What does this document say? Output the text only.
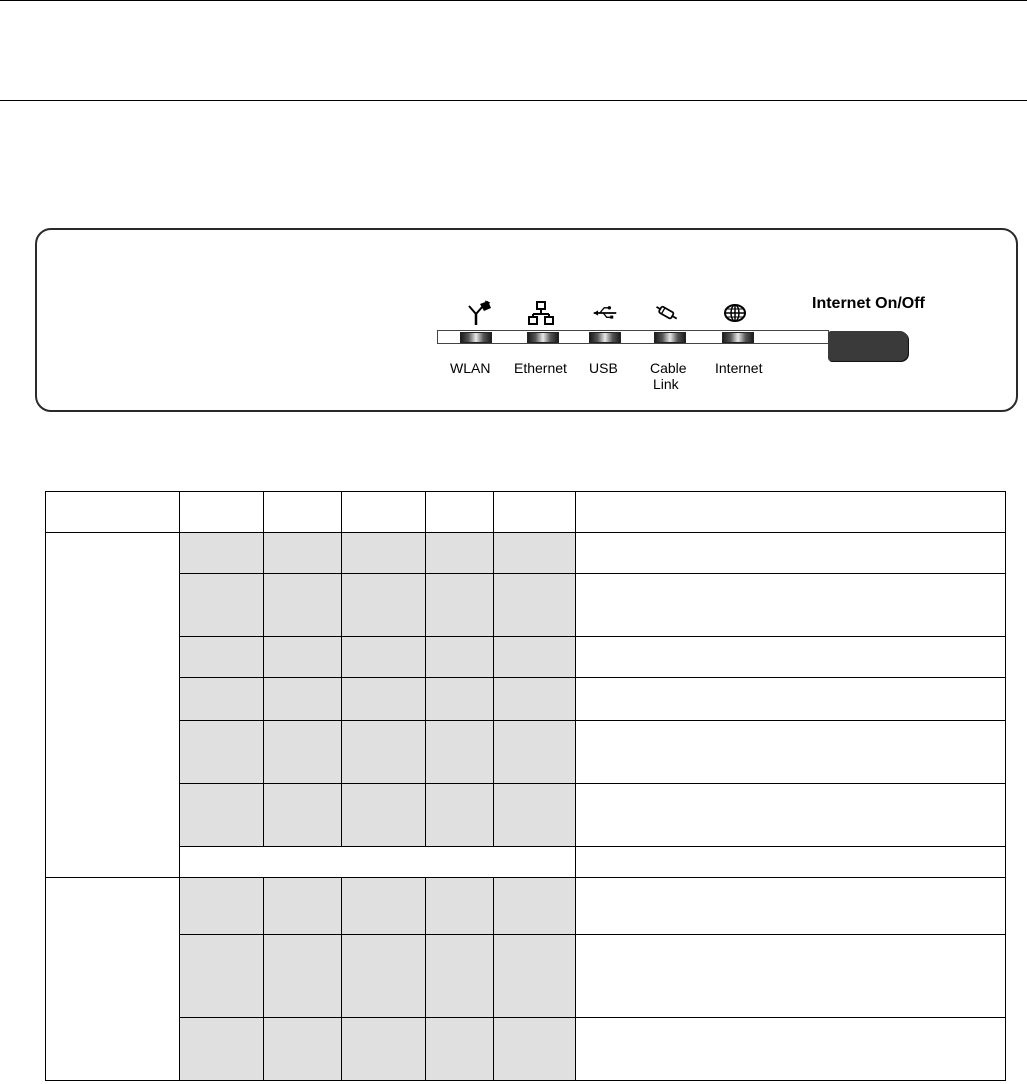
WLAN Ethernet USB Cable
Link
Internet
Internet On/Off
